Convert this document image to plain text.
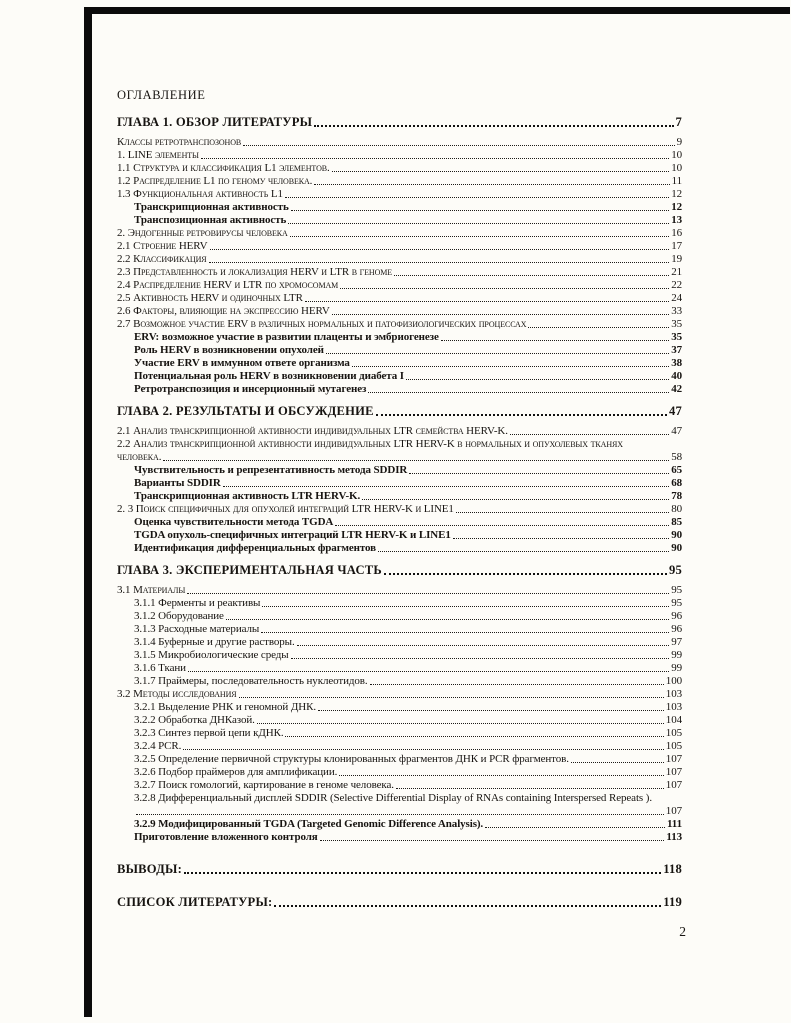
ОГЛАВЛЕНИЕ
ГЛАВА 1. ОБЗОР ЛИТЕРАТУРЫ	7
Классы ретротранспозонов	9
1. LINE элементы	10
1.1 Структура и классификация L1 элементов.	10
1.2 Распределение L1 по геному человека.	11
1.3 Функциональная активность L1	12
Транскрипционная активность	12
Транспозиционная активность	13
2. Эндогенные ретровирусы человека	16
2.1 Строение HERV	17
2.2 Классификация	19
2.3 Представленность и локализация HERV и LTR в геноме	21
2.4 Распределение HERV и LTR по хромосомам	22
2.5 Активность HERV и одиночных LTR	24
2.6 Факторы, влияющие на экспрессию HERV	33
2.7 Возможное участие ERV в различных нормальных и патофизиологических процессах	35
ERV: возможное участие в развитии плаценты и эмбриогенезе	35
Роль HERV в возникновении опухолей	37
Участие ERV в иммунном ответе организма	38
Потенциальная роль HERV в возникновении диабета I	40
Ретротранспозиция и инсерционный мутагенез	42
ГЛАВА 2. РЕЗУЛЬТАТЫ И ОБСУЖДЕНИЕ	47
2.1 Анализ транскрипционной активности индивидуальных LTR семейства HERV-K.	47
2.2 Анализ транскрипционной активности индивидуальных LTR HERV-K в нормальных и опухолевых тканях
человека.	58
Чувствительность и репрезентативность метода SDDIR	65
Варианты SDDIR	68
Транскрипционная активность LTR HERV-K.	78
2. 3 Поиск специфичных для опухолей интеграций LTR HERV-K и LINE1	80
Оценка чувствительности метода TGDA	85
TGDA опухоль-специфичных интеграций LTR HERV-K и LINE1	90
Идентификация дифференциальных фрагментов	90
ГЛАВА 3. ЭКСПЕРИМЕНТАЛЬНАЯ ЧАСТЬ	95
3.1 Материалы	95
3.1.1 Ферменты и реактивы	95
3.1.2 Оборудование	96
3.1.3 Расходные материалы	96
3.1.4 Буферные и другие растворы.	97
3.1.5 Микробиологические среды	99
3.1.6 Ткани	99
3.1.7 Праймеры, последовательность нуклеотидов.	100
3.2 Методы исследования	103
3.2.1 Выделение РНК и геномной ДНК.	103
3.2.2 Обработка ДНКазой.	104
3.2.3 Синтез первой цепи кДНК.	105
3.2.4 PCR.	105
3.2.5 Определение первичной структуры клонированных фрагментов ДНК и PCR фрагментов.	107
3.2.6 Подбор праймеров для амплификации.	107
3.2.7 Поиск гомологий, картирование в геноме человека.	107
3.2.8 Дифференциальный дисплей SDDIR (Selective Differential Display of RNAs containing Interspersed Repeats ).
107
3.2.9 Модифицированный TGDA (Targeted Genomic Difference Analysis).	111
Приготовление вложенного контроля	113
ВЫВОДЫ:	118
СПИСОК ЛИТЕРАТУРЫ:	119
2
